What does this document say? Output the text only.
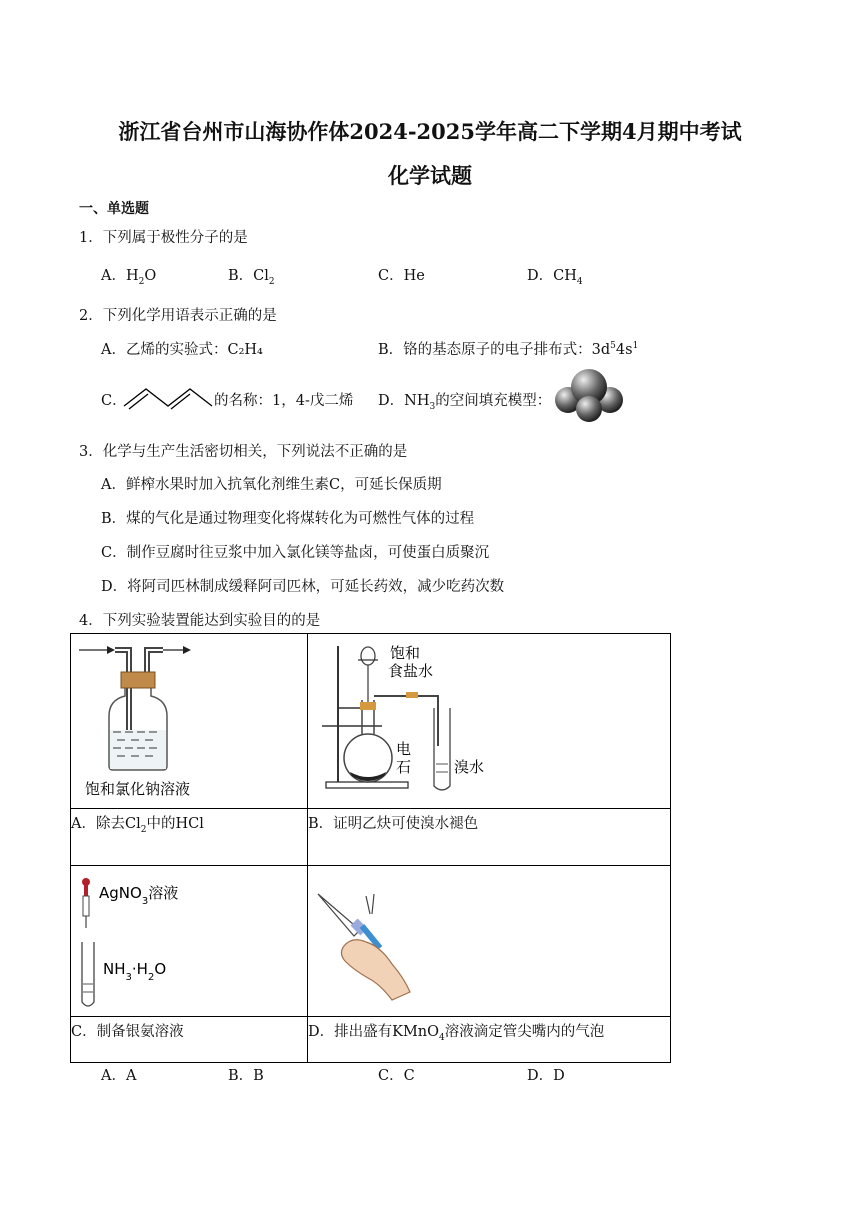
浙江省台州市山海协作体2024-2025学年高二下学期4月期中考试
化学试题
一、单选题
1．下列属于极性分子的是
A．$H_2O$	B．$Cl_2$	C．He	D．$CH_4$
2．下列化学用语表示正确的是
A．乙烯的实验式：C₂H₄	B．铬的基态原子的电子排布式：$3d^54s^1$
C．	的名称：1，4-戊二烯 D．$NH_3$的空间填充模型：
3．化学与生产生活密切相关，下列说法不正确的是
A．鲜榨水果时加入抗氧化剂维生素C，可延长保质期
B．煤的气化是通过物理变化将煤转化为可燃性气体的过程
C．制作豆腐时往豆浆中加入氯化镁等盐卤，可使蛋白质聚沉
D．将阿司匹林制成缓释阿司匹林，可延长药效，减少吃药次数
4．下列实验装置能达到实验目的的是
饱和氯化钠溶液	饱和
食盐水
电
石 溴水

A．除去$Cl_2$中的HCl	B．证明乙炔可使溴水褪色

AgNO$_3$溶液
$NH_3\cdot H_2O$

C．制备银氨溶液	D．排出盛有KMnO$_4$溶液滴定管尖嘴内的气泡
A．A	B．B	C．C	D．D
